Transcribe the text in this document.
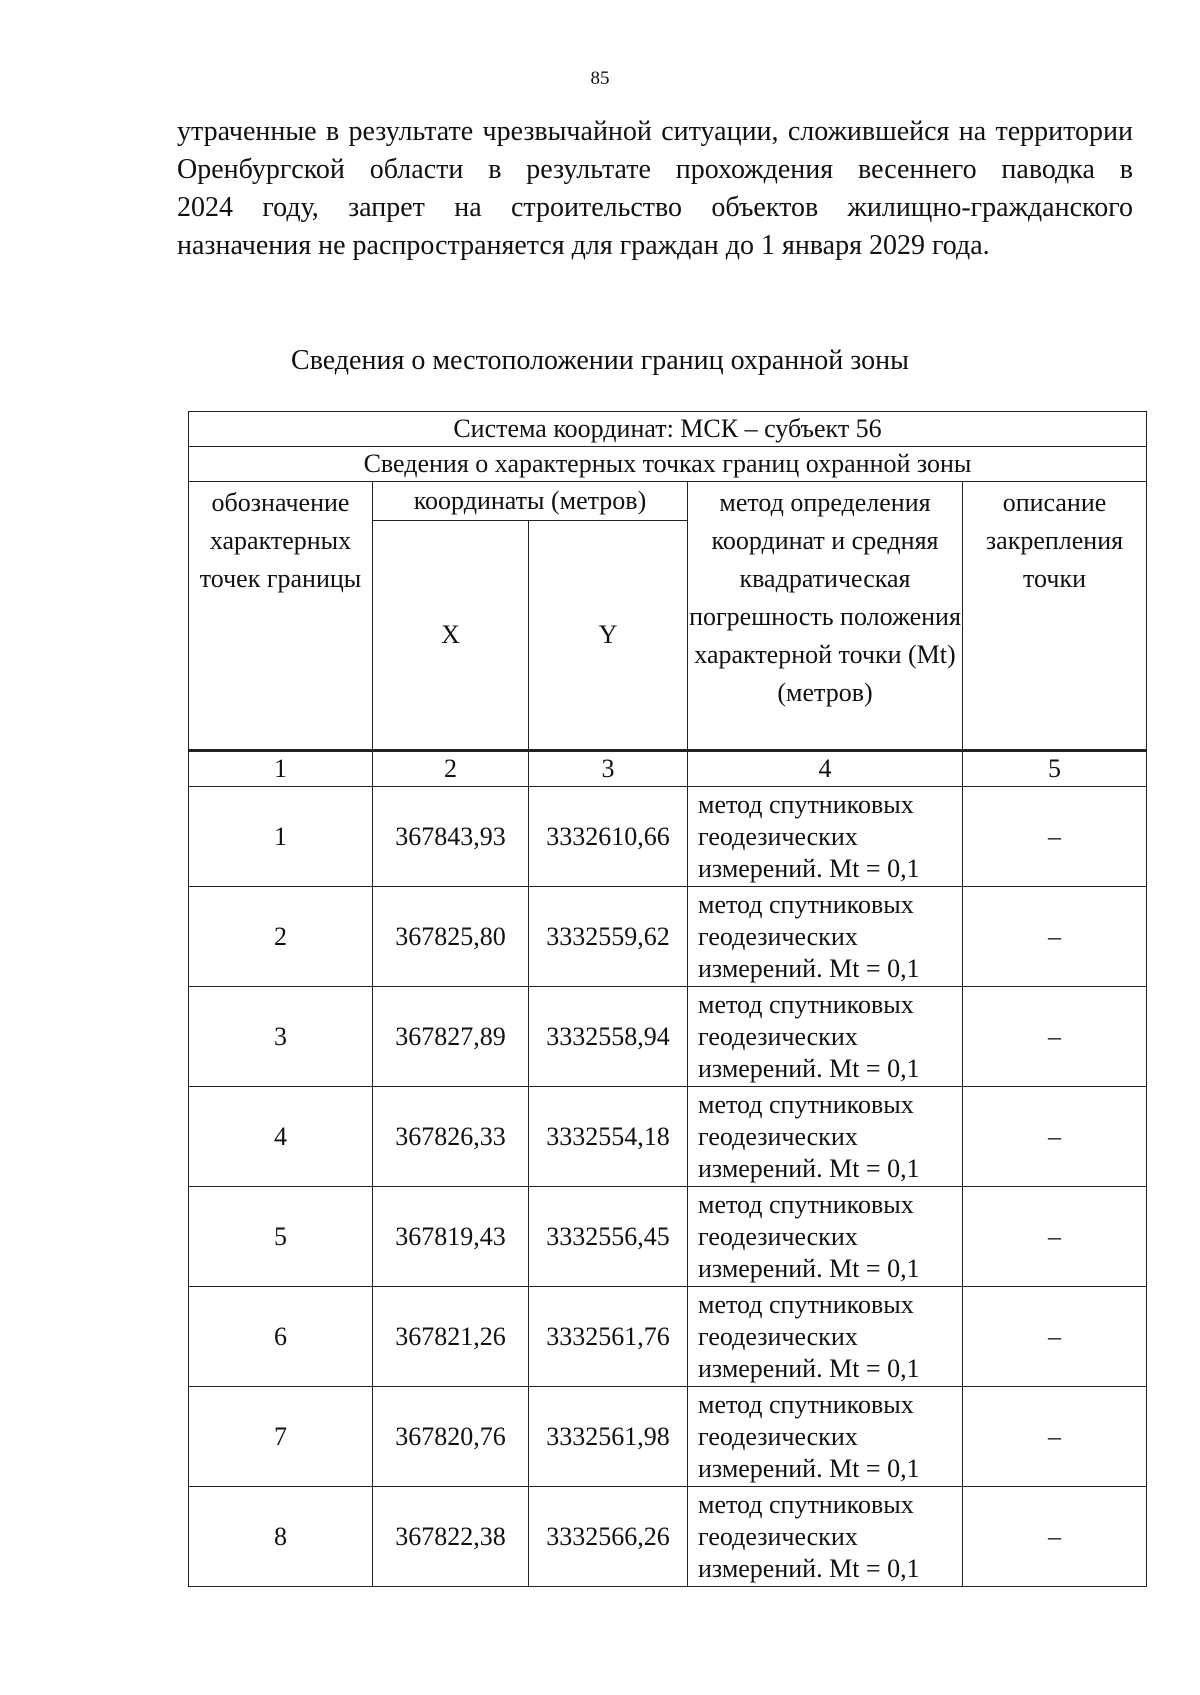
85
утраченные в результате чрезвычайной ситуации, сложившейся на территории
Оренбургской области в результате прохождения весеннего паводка в
2024 году, запрет на строительство объектов жилищно-гражданского
назначения не распространяется для граждан до 1 января 2029 года.
Сведения о местоположении границ охранной зоны
Система координат: МСК – субъект 56				
Сведения о характерных точках границ охранной зоны				
обозначение характерных точек границы	координаты (метров)		метод определения координат и средняя квадратическая погрешность положения характерной точки (Mt) (метров)	описание закрепления точки
	X	Y		
1	2	3	4	5
1	367843,93	3332610,66	метод спутниковых
геодезических
измерений. Mt = 0,1	–
2	367825,80	3332559,62	метод спутниковых
геодезических
измерений. Mt = 0,1	–
3	367827,89	3332558,94	метод спутниковых
геодезических
измерений. Mt = 0,1	–
4	367826,33	3332554,18	метод спутниковых
геодезических
измерений. Mt = 0,1	–
5	367819,43	3332556,45	метод спутниковых
геодезических
измерений. Mt = 0,1	–
6	367821,26	3332561,76	метод спутниковых
геодезических
измерений. Mt = 0,1	–
7	367820,76	3332561,98	метод спутниковых
геодезических
измерений. Mt = 0,1	–
8	367822,38	3332566,26	метод спутниковых
геодезических
измерений. Mt = 0,1	–
